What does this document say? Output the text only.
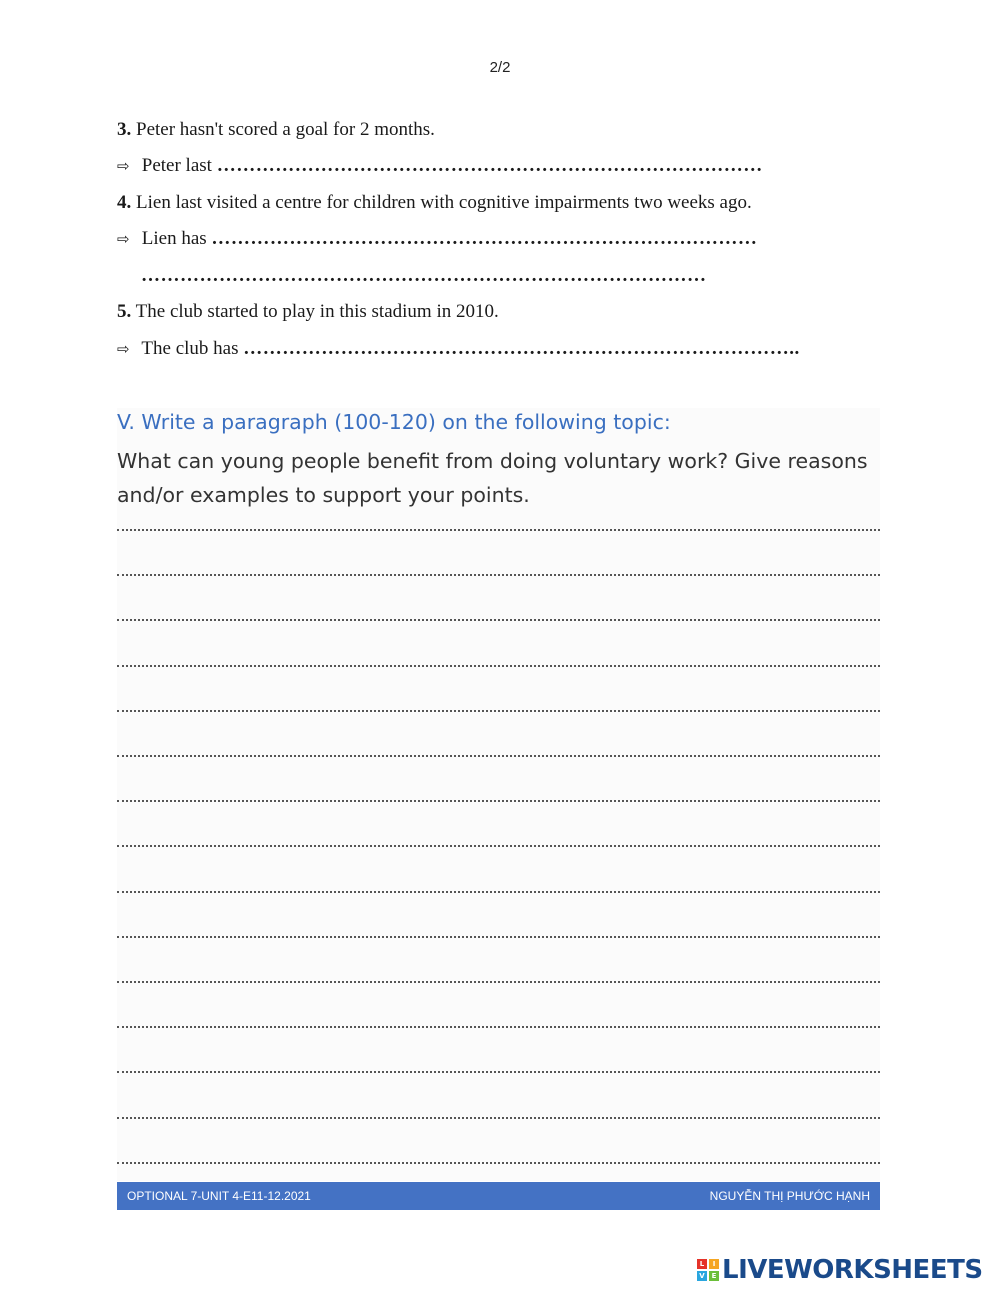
2/2
3. Peter hasn't scored a goal for 2 months.
⇨ Peter last …………………………………………………………………………
4. Lien last visited a centre for children with cognitive impairments two weeks ago.
⇨ Lien has …………………………………………………………………………
……………………………………………………………………………
5. The club started to play in this stadium in 2010.
⇨ The club has …………………………………………………………………………..
V. Write a paragraph (100-120) on the following topic:
What can young people benefit from doing voluntary work? Give reasons and/or examples to support your points.
OPTIONAL 7-UNIT 4-E11-12.2021	NGUYỄN THỊ PHƯỚC HẠNH
L	I
V E LIVEWORKSHEETS
